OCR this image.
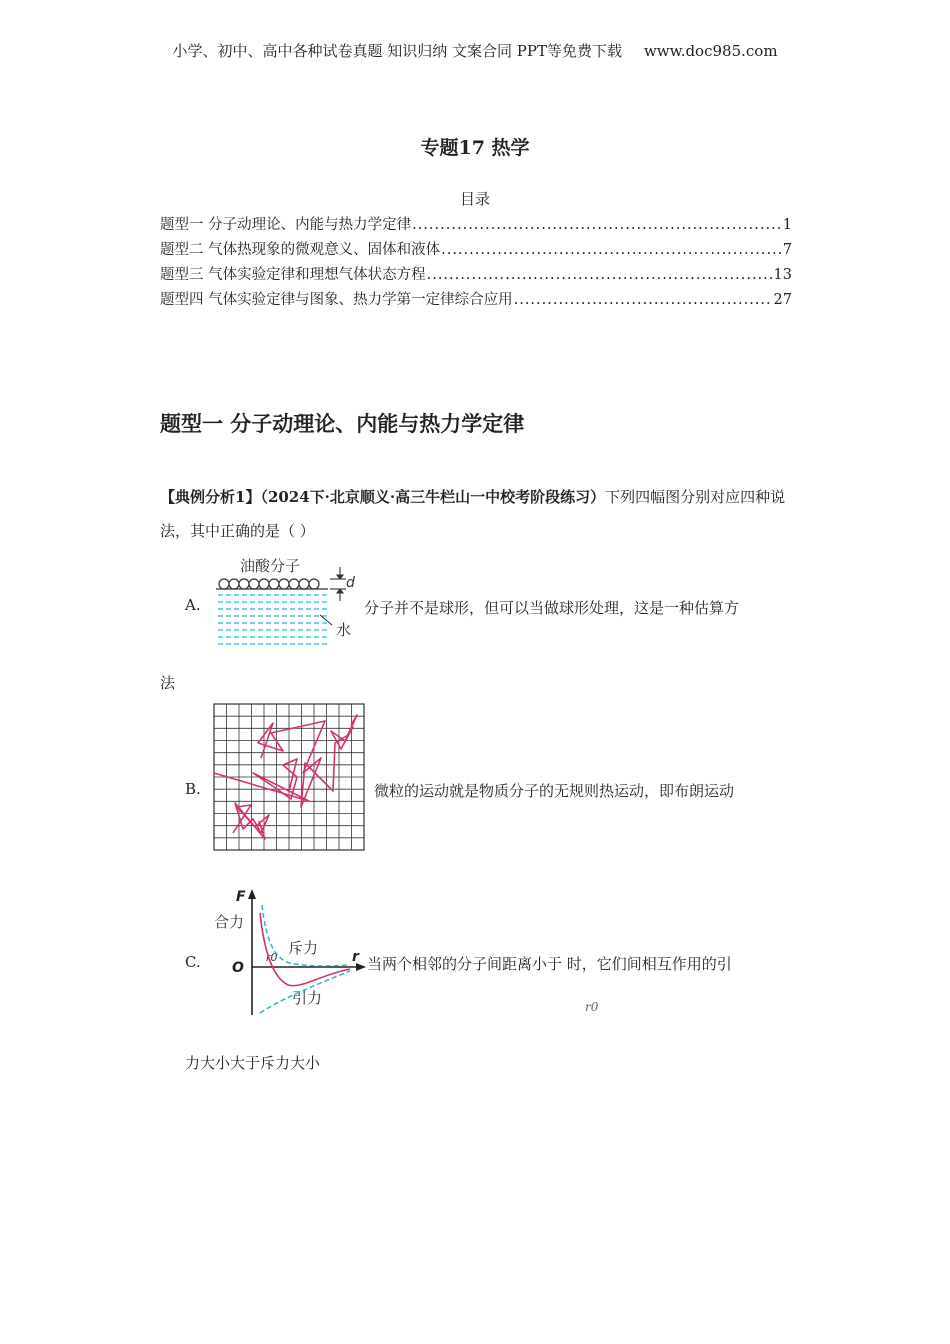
小学、初中、高中各种试卷真题 知识归纳 文案合同 PPT等免费下载 www.doc985.com
专题17 热学
目录
题型一 分子动理论、内能与热力学定律 .....	1
题型二 气体热现象的微观意义、固体和液体 .....	7
题型三 气体实验定律和理想气体状态方程 .....	13
题型四 气体实验定律与图象、热力学第一定律综合应用 .....	27
题型一 分子动理论、内能与热力学定律
【典例分析1】（2024下·北京顺义·高三牛栏山一中校考阶段练习）下列四幅图分别对应四种说法，其中正确的是（ ）
A.
油酸分子
d
水
分子并不是球形，但可以当做球形处理，这是一种估算方
法
B.	微粒的运动就是物质分子的无规则热运动，即布朗运动
C.
F
合力
斥力
r0
O
r
引力
当两个相邻的分子间距离小于 时，它们间相互作用的引
r0
力大小大于斥力大小
